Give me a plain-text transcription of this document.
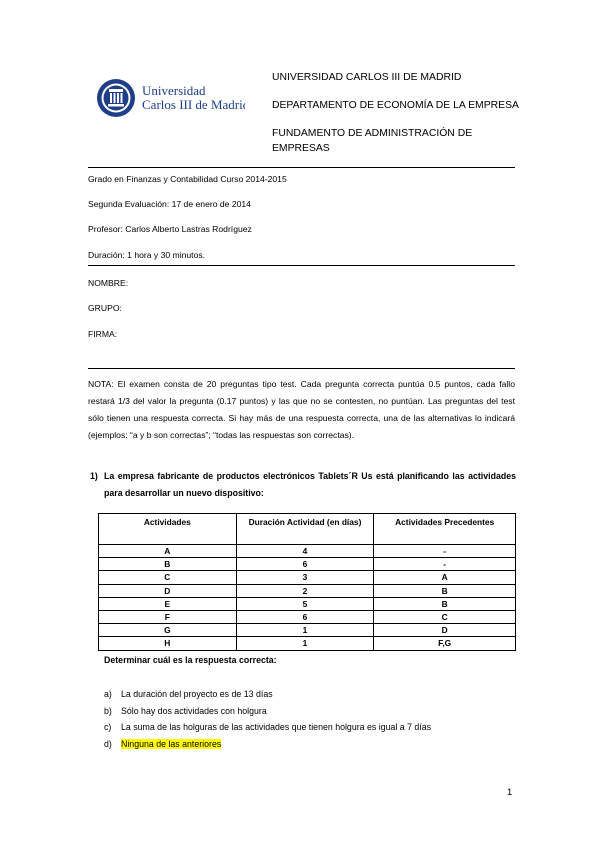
Universidad
Carlos III de Madrid
UNIVERSIDAD CARLOS III DE MADRID
DEPARTAMENTO DE ECONOMÍA DE LA EMPRESA
FUNDAMENTO DE ADMINISTRACIÓN DE
EMPRESAS
Grado en Finanzas y Contabilidad Curso 2014-2015
Segunda Evaluación: 17 de enero de 2014
Profesor: Carlos Alberto Lastras Rodríguez
Duración: 1 hora y 30 minutos.
NOMBRE:
GRUPO:
FIRMA:
NOTA: El examen consta de 20 preguntas tipo test. Cada pregunta correcta puntúa 0.5 puntos, cada fallo restará 1/3 del valor la pregunta (0.17 puntos) y las que no se contesten, no puntúan. Las preguntas del test sólo tienen una respuesta correcta. Si hay más de una respuesta correcta, una de las alternativas lo indicará (ejemplos: “a y b son correctas”; “todas las respuestas son correctas).
1) La empresa fabricante de productos electrónicos Tablets´R Us está planificando las actividades para desarrollar un nuevo dispositivo:
Actividades	Duración Actividad (en días)	Actividades Precedentes
A	4	-
B	6	-
C	3	A
D	2	B
E	5	B
F	6	C
G	1	D
H	1	F,G
Determinar cuál es la respuesta correcta:
a) La duración del proyecto es de 13 días
b) Sólo hay dos actividades con holgura
c) La suma de las holguras de las actividades que tienen holgura es igual a 7 días
d) Ninguna de las anteriores
1
